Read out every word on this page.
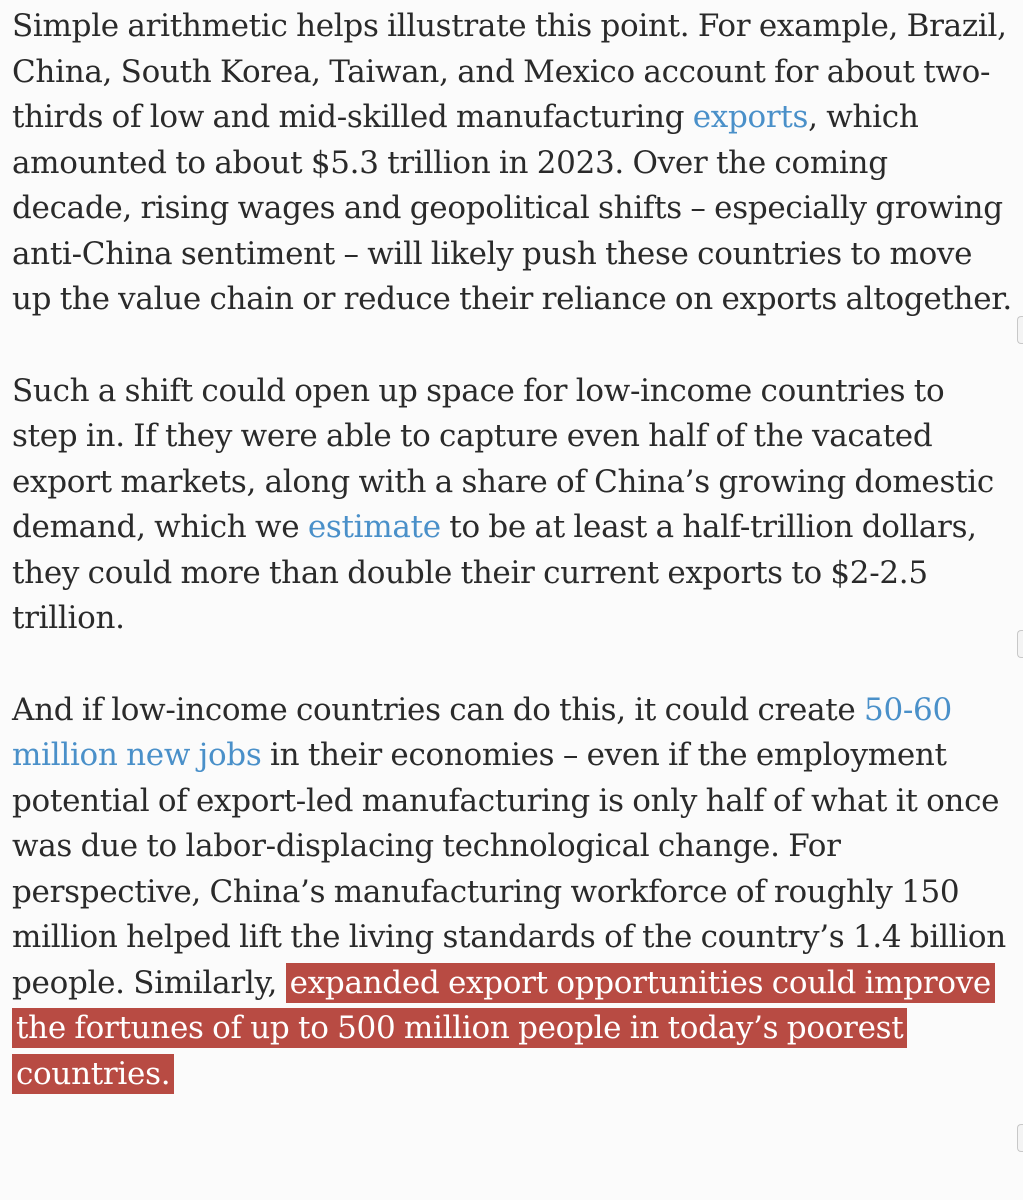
Simple arithmetic helps illustrate this point. For example, Brazil, China, South Korea, Taiwan, and Mexico account for about two-thirds of low and mid-skilled manufacturing exports, which amounted to about $5.3 trillion in 2023. Over the coming decade, rising wages and geopolitical shifts – especially growing anti-China sentiment – will likely push these countries to move up the value chain or reduce their reliance on exports altogether.

Such a shift could open up space for low-income countries to step in. If they were able to capture even half of the vacated export markets, along with a share of China’s growing domestic demand, which we estimate to be at least a half-trillion dollars, they could more than double their current exports to $2-2.5 trillion.

And if low-income countries can do this, it could create 50-60 million new jobs in their economies – even if the employment potential of export-led manufacturing is only half of what it once was due to labor-displacing technological change. For perspective, China’s manufacturing workforce of roughly 150 million helped lift the living standards of the country’s 1.4 billion people. Similarly, expanded export opportunities could improve the fortunes of up to 500 million people in today’s poorest countries.
